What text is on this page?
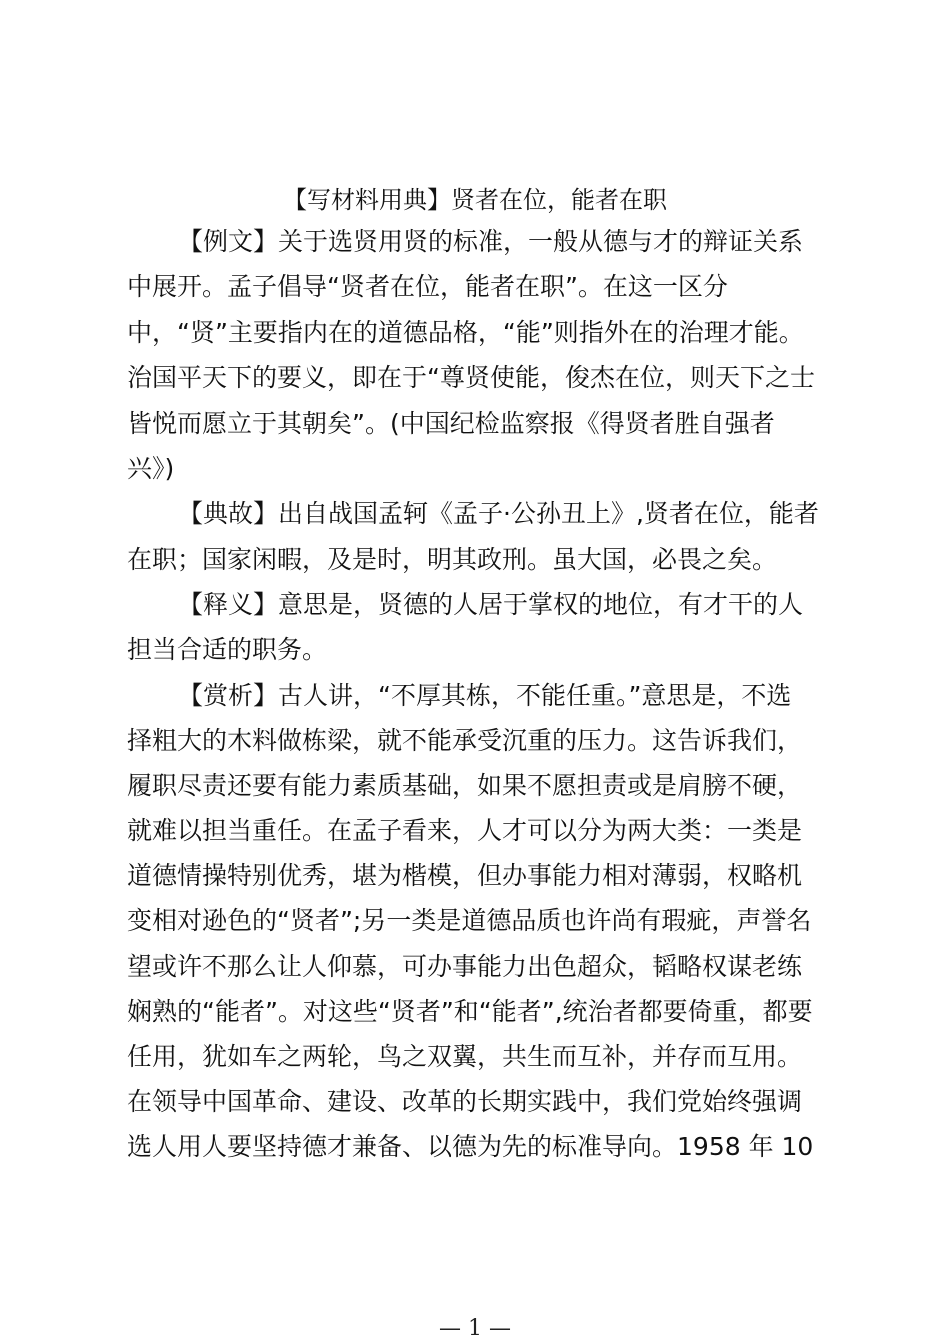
【写材料用典】贤者在位，能者在职

【例文】关于选贤用贤的标准，一般从德与才的辩证关系

中展开。孟子倡导“贤者在位，能者在职”。在这一区分

中，“贤”主要指内在的道德品格，“能”则指外在的治理才能。

治国平天下的要义，即在于“尊贤使能，俊杰在位，则天下之士

皆悦而愿立于其朝矣”。(中国纪检监察报《得贤者胜自强者

兴》)

【典故】出自战国孟轲《孟子·公孙丑上》,贤者在位，能者

在职；国家闲暇，及是时，明其政刑。虽大国，必畏之矣。

【释义】意思是，贤德的人居于掌权的地位，有才干的人

担当合适的职务。

【赏析】古人讲，“不厚其栋，不能任重。”意思是，不选

择粗大的木料做栋梁，就不能承受沉重的压力。这告诉我们，

履职尽责还要有能力素质基础，如果不愿担责或是肩膀不硬，

就难以担当重任。在孟子看来，人才可以分为两大类：一类是

道德情操特别优秀，堪为楷模，但办事能力相对薄弱，权略机

变相对逊色的“贤者”;另一类是道德品质也许尚有瑕疵，声誉名

望或许不那么让人仰慕，可办事能力出色超众，韬略权谋老练

娴熟的“能者”。对这些“贤者”和“能者”,统治者都要倚重，都要

任用，犹如车之两轮，鸟之双翼，共生而互补，并存而互用。

在领导中国革命、建设、改革的长期实践中，我们党始终强调

选人用人要坚持德才兼备、以德为先的标准导向。1958 年 10

— 1 —
